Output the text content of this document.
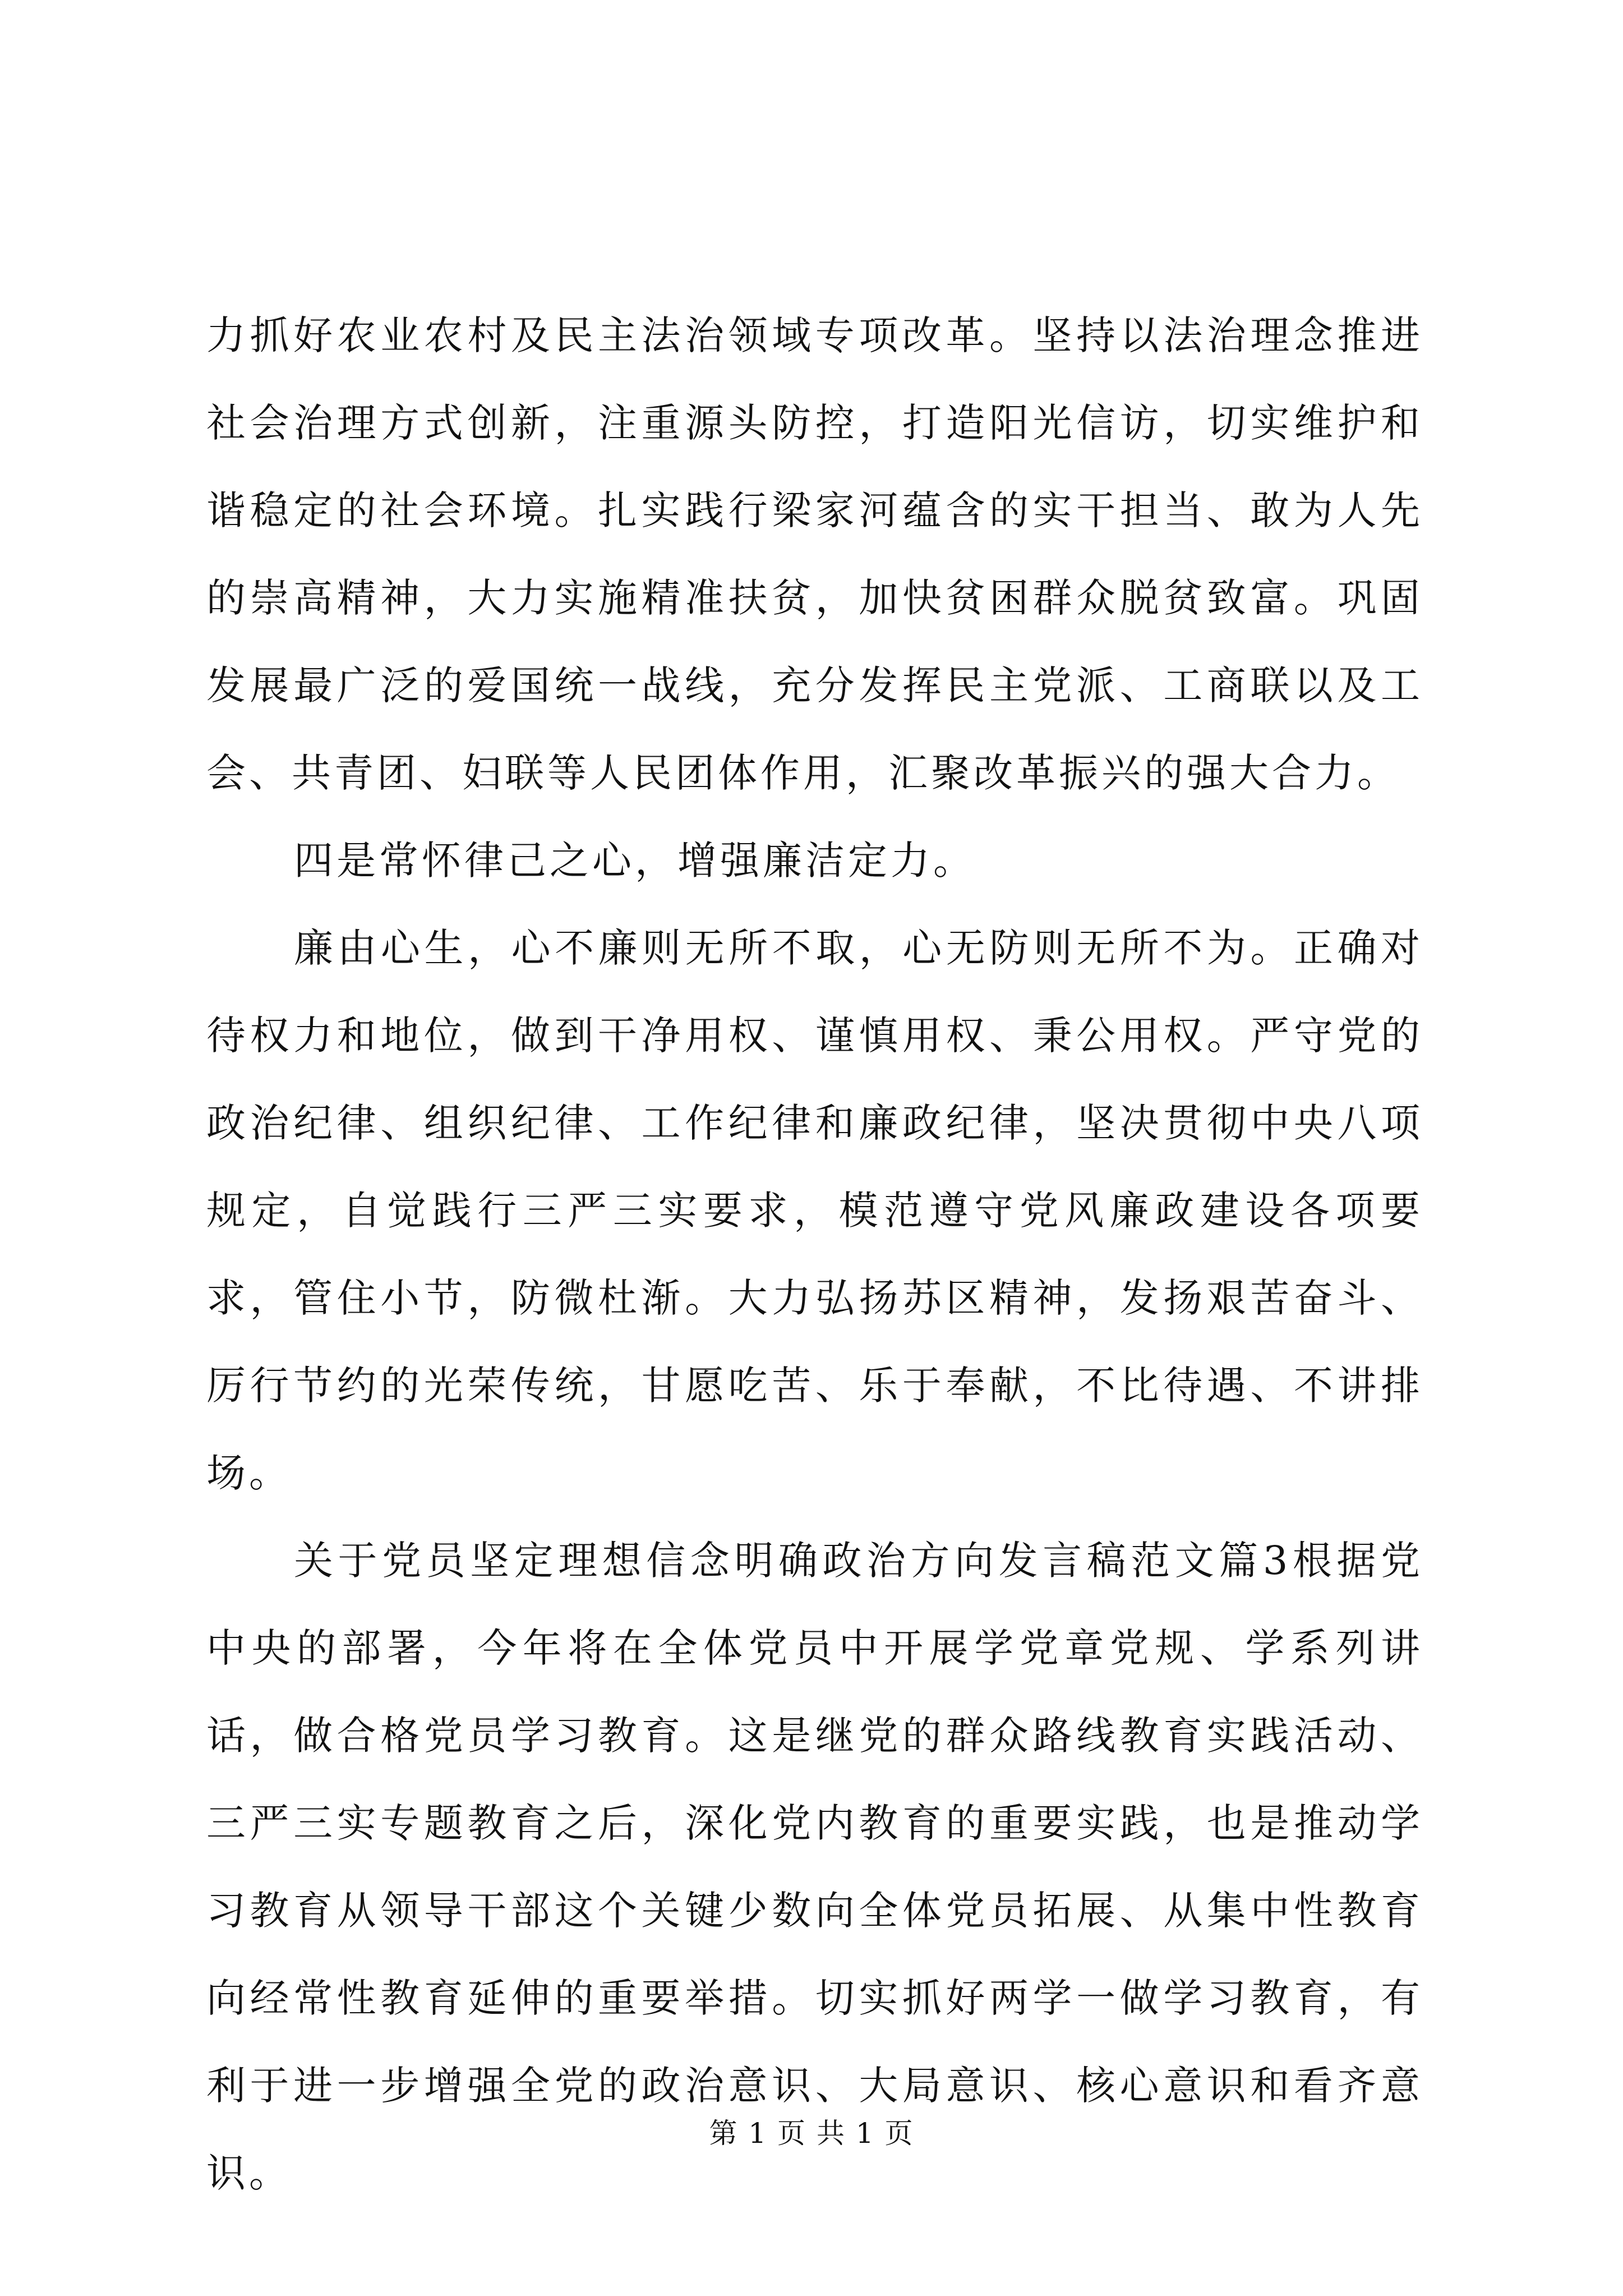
力抓好农业农村及民主法治领域专项改革。坚持以法治理念推进社会治理方式创新，注重源头防控，打造阳光信访，切实维护和谐稳定的社会环境。扎实践行梁家河蕴含的实干担当、敢为人先的崇高精神，大力实施精准扶贫，加快贫困群众脱贫致富。巩固发展最广泛的爱国统一战线，充分发挥民主党派、工商联以及工会、共青团、妇联等人民团体作用，汇聚改革振兴的强大合力。

四是常怀律己之心，增强廉洁定力。

廉由心生，心不廉则无所不取，心无防则无所不为。正确对待权力和地位，做到干净用权、谨慎用权、秉公用权。严守党的政治纪律、组织纪律、工作纪律和廉政纪律，坚决贯彻中央八项规定，自觉践行三严三实要求，模范遵守党风廉政建设各项要求，管住小节，防微杜渐。大力弘扬苏区精神，发扬艰苦奋斗、厉行节约的光荣传统，甘愿吃苦、乐于奉献，不比待遇、不讲排场。

关于党员坚定理想信念明确政治方向发言稿范文篇3根据党中央的部署，今年将在全体党员中开展学党章党规、学系列讲话，做合格党员学习教育。这是继党的群众路线教育实践活动、三严三实专题教育之后，深化党内教育的重要实践，也是推动学习教育从领导干部这个关键少数向全体党员拓展、从集中性教育向经常性教育延伸的重要举措。切实抓好两学一做学习教育，有利于进一步增强全党的政治意识、大局意识、核心意识和看齐意识。

第 1 页 共 1 页
